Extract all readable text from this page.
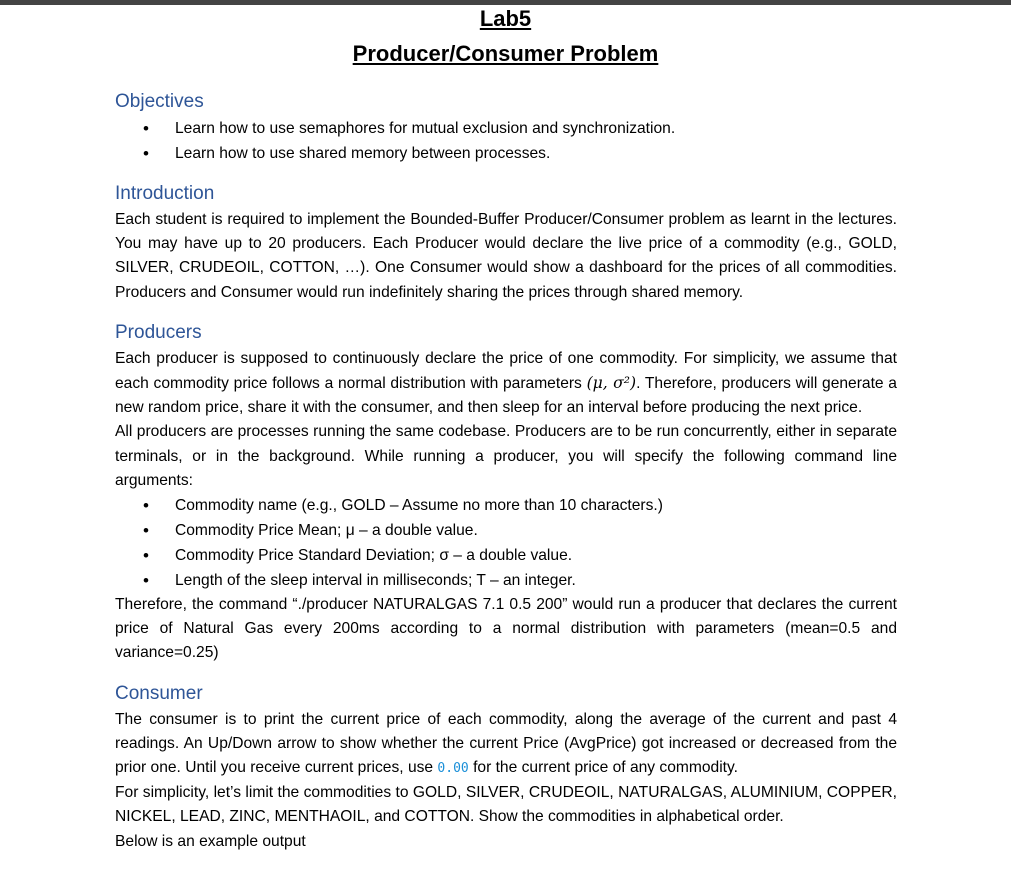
Lab5
Producer/Consumer Problem
Objectives
• Learn how to use semaphores for mutual exclusion and synchronization.
• Learn how to use shared memory between processes.
Introduction

Each student is required to implement the Bounded-Buffer Producer/Consumer problem as learnt in the lectures. You may have up to 20 producers. Each Producer would declare the live price of a commodity (e.g., GOLD, SILVER, CRUDEOIL, COTTON, …). One Consumer would show a dashboard for the prices of all commodities. Producers and Consumer would run indefinitely sharing the prices through shared memory.

Producers

Each producer is supposed to continuously declare the price of one commodity. For simplicity, we assume that each commodity price follows a normal distribution with parameters (μ, σ²). Therefore, producers will generate a new random price, share it with the consumer, and then sleep for an interval before producing the next price.

All producers are processes running the same codebase. Producers are to be run concurrently, either in separate terminals, or in the background. While running a producer, you will specify the following command line arguments:

• Commodity name (e.g., GOLD – Assume no more than 10 characters.)
• Commodity Price Mean; μ – a double value.
• Commodity Price Standard Deviation; σ – a double value.
• Length of the sleep interval in milliseconds; T – an integer.

Therefore, the command “./producer NATURALGAS 7.1 0.5 200” would run a producer that declares the current price of Natural Gas every 200ms according to a normal distribution with parameters (mean=0.5 and variance=0.25)

Consumer

The consumer is to print the current price of each commodity, along the average of the current and past 4 readings. An Up/Down arrow to show whether the current Price (AvgPrice) got increased or decreased from the prior one. Until you receive current prices, use 0.00 for the current price of any commodity.

For simplicity, let’s limit the commodities to GOLD, SILVER, CRUDEOIL, NATURALGAS, ALUMINIUM, COPPER, NICKEL, LEAD, ZINC, MENTHAOIL, and COTTON. Show the commodities in alphabetical order.

Below is an example output
